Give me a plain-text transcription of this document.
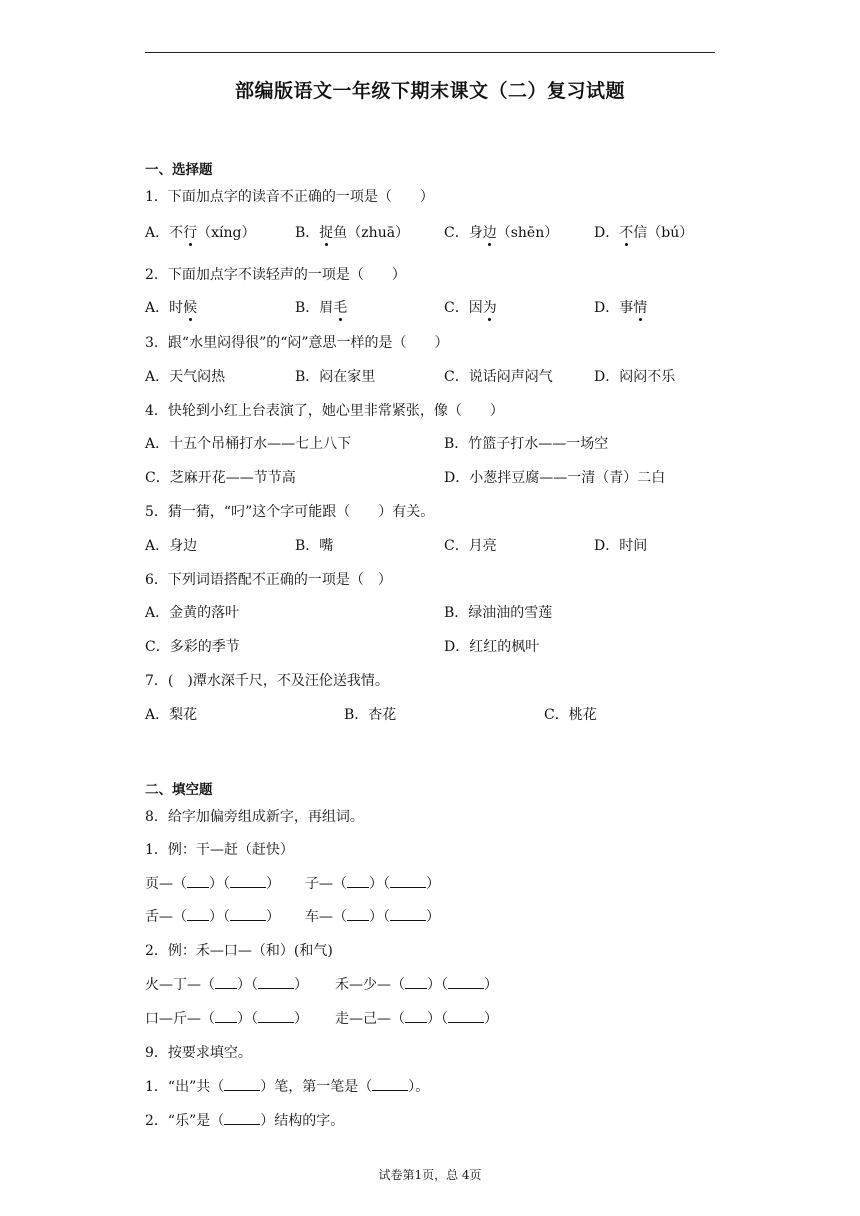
部编版语文一年级下期末课文（二）复习试题
一、选择题
1．下面加点字的读音不正确的一项是（　　）
A．不行（xíng）	B．捉鱼（zhuā） C．身边（shēn）	D．不信（bú）
2．下面加点字不读轻声的一项是（　　）
A．时候	B．眉毛	C．因为	D．事情
3．跟“水里闷得很”的“闷”意思一样的是（　　）
A．天气闷热	B．闷在家里	C．说话闷声闷气	D．闷闷不乐
4．快轮到小红上台表演了，她心里非常紧张，像（　　）
A．十五个吊桶打水——七上八下	B．竹篮子打水——一场空
C．芝麻开花——节节高	D．小葱拌豆腐——一清（青）二白
5．猜一猜，“叼”这个字可能跟（　　）有关。
A．身边	B．嘴	C．月亮	D．时间
6．下列词语搭配不正确的一项是（　）
A．金黄的落叶	B．绿油油的雪莲
C．多彩的季节	D．红红的枫叶
7．(　)潭水深千尺，不及汪伦送我情。
A．梨花	B．杏花	C．桃花
二、填空题
8．给字加偏旁组成新字，再组词。
1．例：干—赶（赶快）
页—（ ）（	） 子—（ ）（	）
舌—（ ）（	） 车—（ ）（	）
2．例：禾—口—（和）(和气)
火—丁—（ ）（	） 禾—少—（ ）（	）
口—斤—（ ）（	） 走—己—（ ）（	）
9．按要求填空。
1．“出”共（	）笔，第一笔是（	）。
2．“乐”是（	）结构的字。
试卷第1页，总 4页
